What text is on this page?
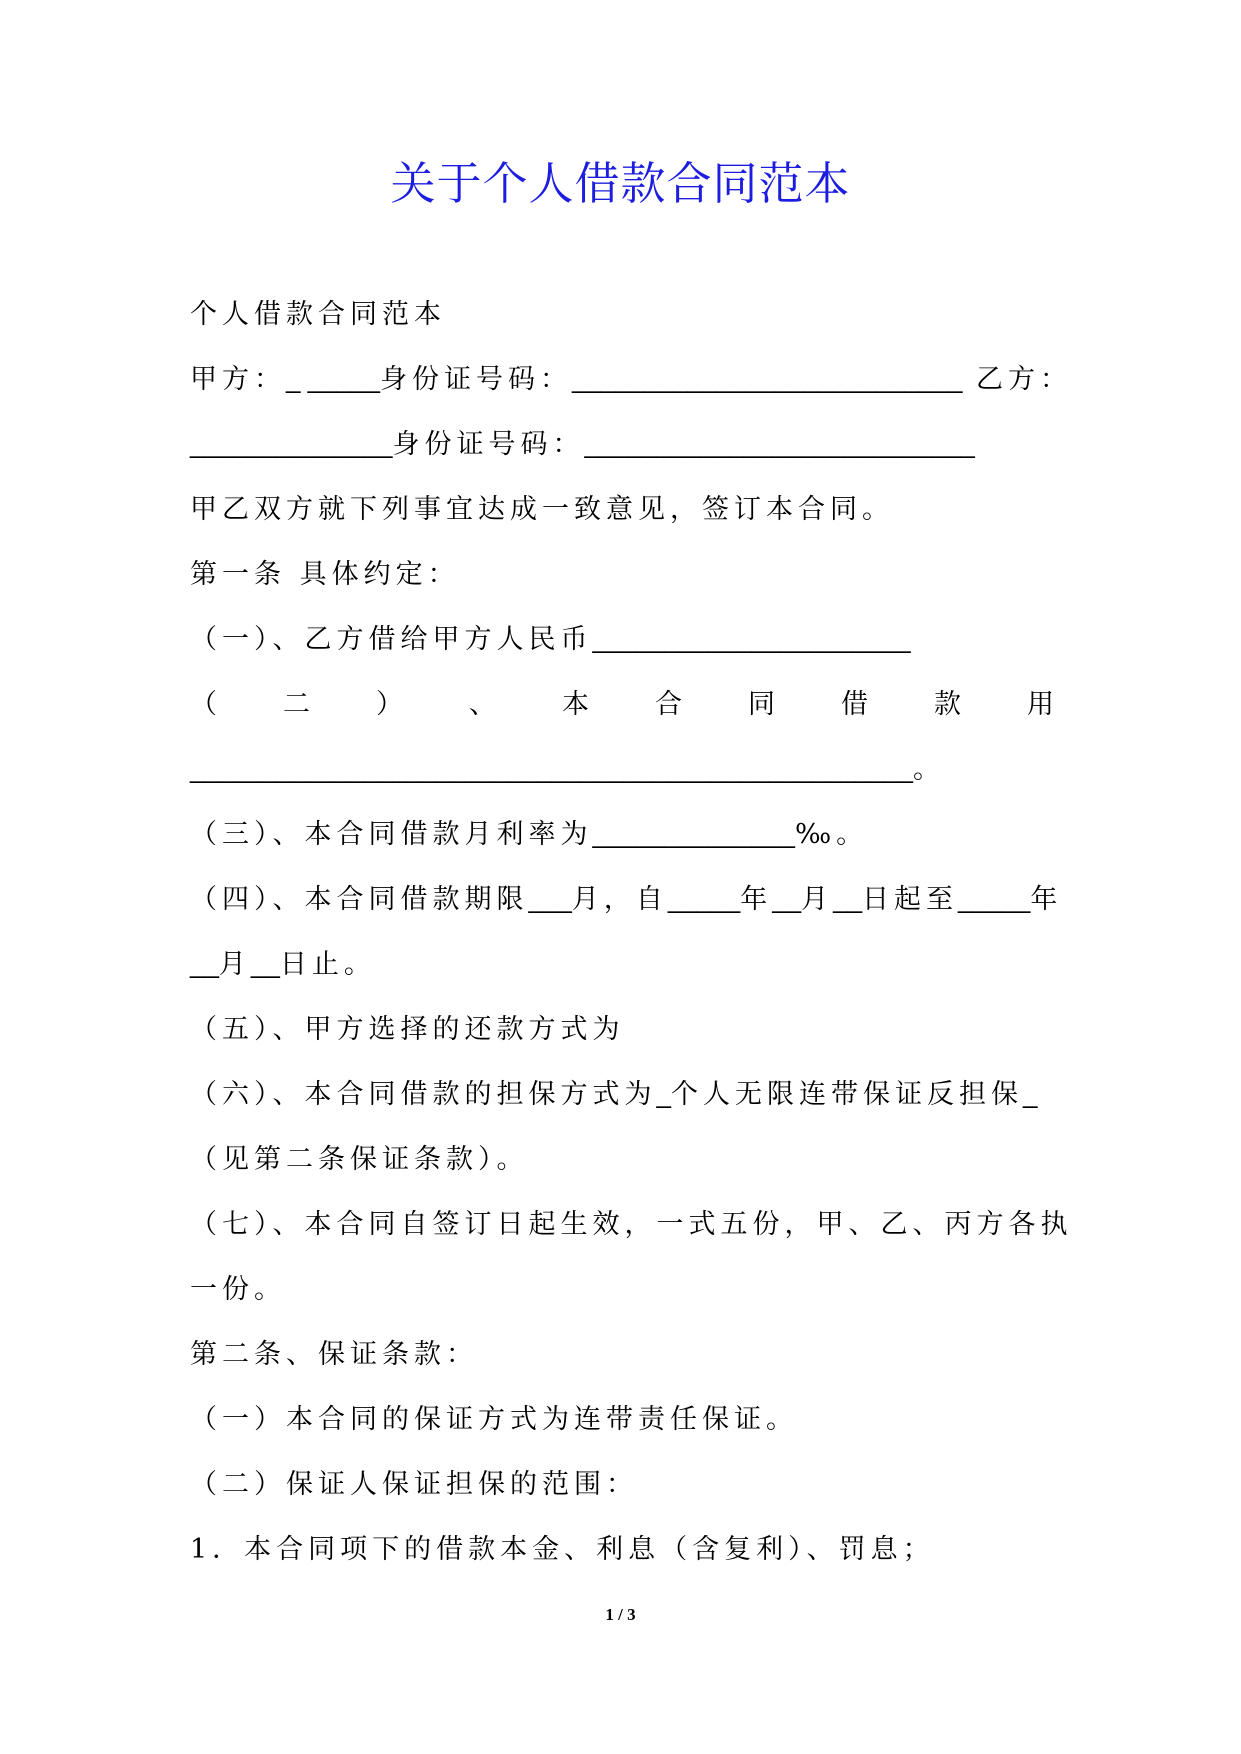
关于个人借款合同范本
个人借款合同范本
甲方：_ _____身份证号码：___________________________ 乙方：
______________身份证号码：___________________________
甲乙双方就下列事宜达成一致意见，签订本合同。
第一条 具体约定：
（一）、乙方借给甲方人民币______________________
（ 二 ） 、 本 合 同 借 款 用
__________________________________________________。
（三）、本合同借款月利率为______________‰。
（四）、本合同借款期限___月，自_____年__月__日起至_____年
__月__日止。
（五）、甲方选择的还款方式为
（六）、本合同借款的担保方式为_个人无限连带保证反担保_
（见第二条保证条款）。
（七）、本合同自签订日起生效，一式五份，甲、乙、丙方各执
一份。
第二条、保证条款：
（一）本合同的保证方式为连带责任保证。
（二）保证人保证担保的范围：
1．本合同项下的借款本金、利息（含复利）、罚息；
1 / 3
